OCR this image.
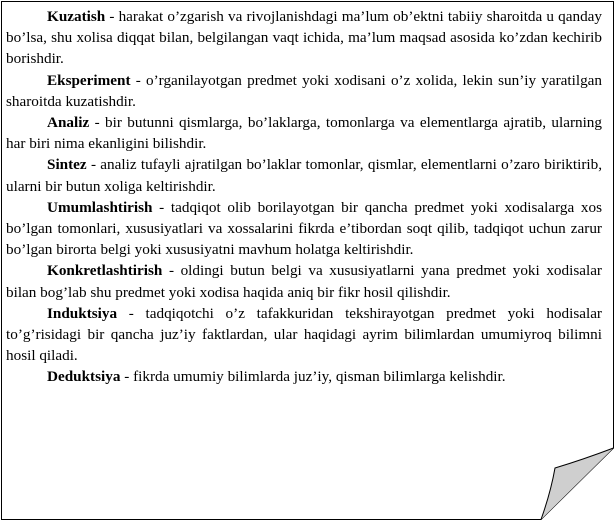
Kuzatish - harakat o’zgarish va rivojlanishdagi ma’lum ob’ektni tabiiy sharoitda u qanday bo’lsa, shu xolisa diqqat bilan, belgilangan vaqt ichida, ma’lum maqsad asosida ko’zdan kechirib borishdir.

Eksperiment - o’rganilayotgan predmet yoki xodisani o’z xolida, lekin sun’iy yaratilgan sharoitda kuzatishdir.

Analiz - bir butunni qismlarga, bo’laklarga, tomonlarga va elementlarga ajratib, ularning har biri nima ekanligini bilishdir.

Sintez - analiz tufayli ajratilgan bo’laklar tomonlar, qismlar, elementlarni o’zaro biriktirib, ularni bir butun xoliga keltirishdir.

Umumlashtirish - tadqiqot olib borilayotgan bir qancha predmet yoki xodisalarga xos bo’lgan tomonlari, xususiyatlari va xossalarini fikrda e’tibordan soqt qilib, tadqiqot uchun zarur bo’lgan birorta belgi yoki xususiyatni mavhum holatga keltirishdir.

Konkretlashtirish - oldingi butun belgi va xususiyatlarni yana predmet yoki xodisalar bilan bog’lab shu predmet yoki xodisa haqida aniq bir fikr hosil qilishdir.

Induktsiya - tadqiqotchi o’z tafakkuridan tekshirayotgan predmet yoki hodisalar to’g’risidagi bir qancha juz’iy faktlardan, ular haqidagi ayrim bilimlardan umumiyroq bilimni hosil qiladi.

Deduktsiya - fikrda umumiy bilimlarda juz’iy, qisman bilimlarga kelishdir.
